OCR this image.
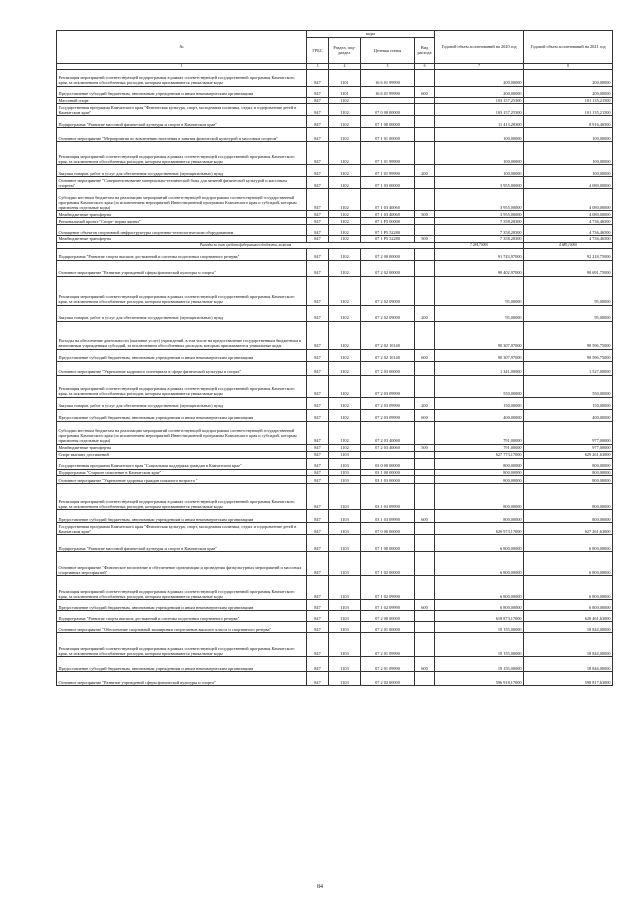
№	коды				Годовой объем ассигнований на 2020 год	Годовой объем ассигнований на 2021 год
	ГРБС	Раздел, под-раздел	Целевая статья	Вид расхода		
1	3	4	5	6	7	8
Реализация мероприятий соответствующей подпрограммы в рамках соответствующей государственной программы Камчатского края, за исключением обособленных расходов, которым присваиваются уникальные коды	847	1101	16 6 01 99990		200,00000	200,00000
Предоставление субсидий бюджетным, автономным учреждениям и иным некоммерческим организациям	847	1101	16 6 01 99990	600	200,00000	200,00000
Массовый спорт	847	1102			103 157,25300	101 135,21500
Государственная программа Камчатского края "Физическая культура, спорт, молодежная политика, отдых и оздоровление детей в Камчатском крае"	847	1102	07 0 00 00000		103 157,25300	101 135,21500
Подпрограмма "Развитие массовой физической культуры и спорта в Камчатском крае"	847	1102	07 1 00 00000		11 413,28300	8 916,46500
Основное мероприятие "Мероприятия по вовлечению населения в занятия физической культурой и массовым спортом"	847	1102	07 1 01 00000		100,00000	100,00000
Реализация мероприятий соответствующей подпрограммы в рамках соответствующей государственной программы Камчатского края, за исключением обособленных расходов, которым присваиваются уникальные коды	847	1102	07 1 01 99990		100,00000	100,00000
Закупка товаров, работ и услуг для обеспечения государственных (муниципальных) нужд	847	1102	07 1 01 99990	200	100,00000	100,00000
Основное мероприятие "Совершенствование материально-технической базы для занятий физической культурой и массовым спортом"	847	1102	07 1 03 00000		3 955,00000	4 080,00000
Субсидии местным бюджетам на реализацию мероприятий соответствующей подпрограммы соответствующей государственной программы Камчатского края (за исключением мероприятий Инвестиционной программы Камчатского края и субсидий, которым присвоены отдельные коды)	847	1102	07 1 03 40060		3 955,00000	4 080,00000
Межбюджетные трансферты	847	1102	07 1 03 40060	500	3 955,00000	4 080,00000
Региональный проект "Спорт- норма жизни"	847	1102	07 1 P5 00000		7 358,28300	4 736,46500
Оснащение объектов спортивной инфраструктуры спортивно-технологическим оборудованием	847	1102	07 1 P5 52280		7 358,28300	4 736,46500
Межбюджетные трансферты	847	1102	07 1 P5 52280	500	7 358,28300	4 736,46500
Расходы за счет средств федерального бюджета, включая					7 284,70000	4 689,10000
Подпрограмма "Развитие спорта высших достижений и системы подготовки спортивного резерва"	847	1102	07 2 00 00000		91 743,97000	92 218,75000
Основное мероприятие "Развитие учреждений сферы физической культуры и спорта"	847	1102	07 2 02 00000		90 402,97000	90 691,75000
Реализация мероприятий соответствующей подпрограммы в рамках соответствующей государственной программы Камчатского края, за исключением обособленных расходов, которым присваиваются уникальные коды	847	1102	07 2 02 09090		95,00000	95,00000
Закупка товаров, работ и услуг для обеспечения государственных (муниципальных) нужд	847	1102	07 2 02 09090	200	95,00000	95,00000
Расходы на обеспечение деятельности (оказание услуг) учреждений, в том числе на предоставление государственным бюджетным и автономным учреждениям субсидий, за исключением обособленных расходов, которым присваиваются уникальные коды	847	1102	07 2 02 10140		90 307,97000	90 596,75000
Предоставление субсидий бюджетным, автономным учреждениям и иным некоммерческим организациям	847	1102	07 2 02 10140	600	90 307,97000	90 596,75000
Основное мероприятие "Укрепление кадрового потенциала в сфере физической культуры и спорта"	847	1102	07 2 03 00000		1 341,00000	1 527,00000
Реализация мероприятий соответствующей подпрограммы в рамках соответствующей государственной программы Камчатского края, за исключением обособленных расходов, которым присваиваются уникальные коды	847	1102	07 2 03 09990		550,00000	550,00000
Закупка товаров, работ и услуг для обеспечения государственных (муниципальных) нужд	847	1102	07 2 03 09990	200	150,00000	150,00000
Предоставление субсидий бюджетным, автономным учреждениям и иным некоммерческим организациям	847	1102	07 2 03 09990	600	400,00000	400,00000
Субсидии местным бюджетам на реализацию мероприятий соответствующей подпрограммы соответствующей государственной программы Камчатского края (за исключением мероприятий Инвестиционной программы Камчатского края и субсидий, которым присвоены отдельные коды)	847	1102	07 2 03 40060		791,00000	977,00000
Межбюджетные трансферты	847	1102	07 2 03 40060	500	791,00000	977,00000
Спорт высших достижений	847	1103			627 773,17000	629 261,63000
Государственная программа Камчатского края "Социальная поддержка граждан в Камчатском крае"	847	1103	03 0 00 00000		800,00000	800,00000
Подпрограмма "Старшее поколение в Камчатском крае"	847	1103	03 1 00 00000		800,00000	800,00000
Основное мероприятие "Укрепление здоровья граждан пожилого возраста "	847	1103	03 1 03 00000		800,00000	800,00000
Реализация мероприятий соответствующей подпрограммы в рамках соответствующей государственной программы Камчатского края, за исключением обособленных расходов, которым присваиваются уникальные коды	847	1103	03 1 03 09990		800,00000	800,00000
Предоставление субсидий бюджетным, автономным учреждениям и иным некоммерческим организациям	847	1103	03 1 03 09990	600	800,00000	800,00000
Государственная программа Камчатского края "Физическая культура, спорт, молодежная политика, отдых и оздоровление детей в Камчатском крае"	847	1103	07 0 00 00000		626 973,17000	627 261,63000
Подпрограмма "Развитие массовой физической культуры и спорта в Камчатском крае"	847	1103	07 1 00 00000		6 800,00000	6 800,00000
Основное мероприятие "Физическое воспитание и обеспечение организации и проведения физкультурных мероприятий и массовых спортивных мероприятий"	847	1103	07 1 02 00000		6 800,00000	6 800,00000
Реализация мероприятий соответствующей подпрограммы в рамках соответствующей государственной программы Камчатского края, за исключением обособленных расходов, которым присваиваются уникальные коды	847	1103	07 1 02 09990		6 800,00000	6 800,00000
Предоставление субсидий бюджетным, автономным учреждениям и иным некоммерческим организациям	847	1103	07 1 02 09990	600	6 800,00000	6 800,00000
Подпрограмма "Развитие спорта высших достижений и системы подготовки спортивного резерва"	847	1103	07 2 00 00000		618 873,17000	620 461,63000
Основное мероприятие "Обеспечение спортивной экипировки спортсменов высшего класса и спортивного резерва"	847	1103	07 2 01 00000		19 155,00000	18 844,00000
Реализация мероприятий соответствующей подпрограммы в рамках соответствующей государственной программы Камчатского края, за исключением обособленных расходов, которым присваиваются уникальные коды	847	1103	07 2 01 09990		19 155,00000	18 844,00000
Предоставление субсидий бюджетным, автономным учреждениям и иным некоммерческим организациям	847	1103	07 2 01 09990	600	19 155,00000	18 844,00000
Основное мероприятие "Развитие учреждений сферы физической культуры и спорта"	847	1103	07 2 02 00000		596 918,17000	598 817,63000
84
